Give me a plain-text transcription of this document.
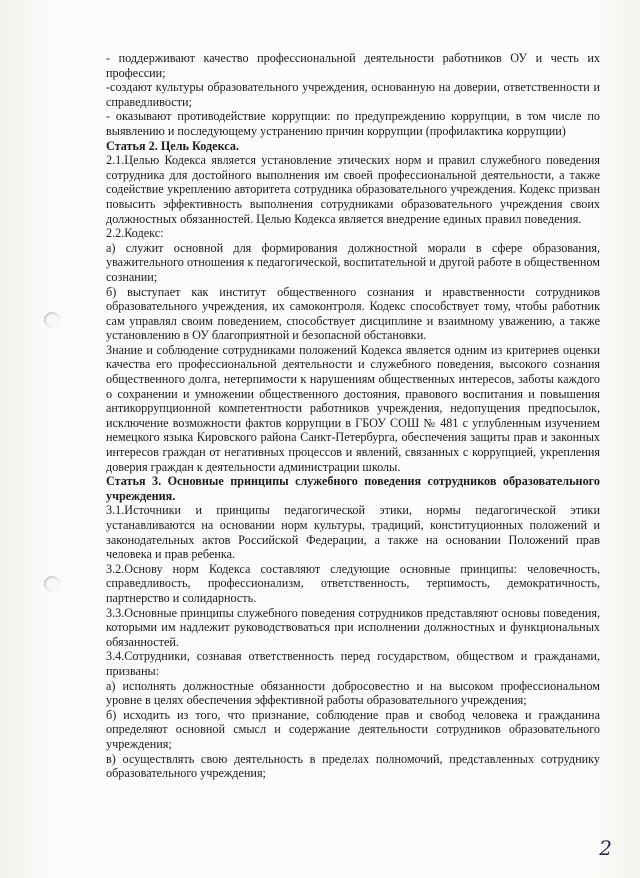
- поддерживают качество профессиональной деятельности работников ОУ и честь их профессии;

-создают культуры образовательного учреждения, основанную на доверии, ответственности и справедливости;

- оказывают противодействие коррупции: по предупреждению коррупции, в том числе по выявлению и последующему устранению причин коррупции (профилактика коррупции)

Статья 2. Цель Кодекса.

2.1.Целью Кодекса является установление этических норм и правил служебного поведения сотрудника для достойного выполнения им своей профессиональной деятельности, а также содействие укреплению авторитета сотрудника образовательного учреждения. Кодекс призван повысить эффективность выполнения сотрудниками образовательного учреждения своих должностных обязанностей. Целью Кодекса является внедрение единых правил поведения.

2.2.Кодекс:

а) служит основной для формирования должностной морали в сфере образования, уважительного отношения к педагогической, воспитательной и другой работе в общественном сознании;

б) выступает как институт общественного сознания и нравственности сотрудников образовательного учреждения, их самоконтроля. Кодекс способствует тому, чтобы работник сам управлял своим поведением, способствует дисциплине и взаимному уважению, а также установлению в ОУ благоприятной и безопасной обстановки.

Знание и соблюдение сотрудниками положений Кодекса является одним из критериев оценки качества его профессиональной деятельности и служебного поведения, высокого сознания общественного долга, нетерпимости к нарушениям общественных интересов, заботы каждого о сохранении и умножении общественного достояния, правового воспитания и повышения антикоррупционной компетентности работников учреждения, недопущения предпосылок, исключение возможности фактов коррупции в ГБОУ СОШ № 481 с углубленным изучением немецкого языка Кировского района Санкт-Петербурга, обеспечения защиты прав и законных интересов граждан от негативных процессов и явлений, связанных с коррупцией, укрепления доверия граждан к деятельности администрации школы.

Статья 3. Основные принципы служебного поведения сотрудников образовательного учреждения.

3.1.Источники и принципы педагогической этики, нормы педагогической этики устанавливаются на основании норм культуры, традиций, конституционных положений и законодательных актов Российской Федерации, а также на основании Положений прав человека и прав ребенка.

3.2.Основу норм Кодекса составляют следующие основные принципы: человечность, справедливость, профессионализм, ответственность, терпимость, демократичность, партнерство и солидарность.

3.3.Основные принципы служебного поведения сотрудников представляют основы поведения, которыми им надлежит руководствоваться при исполнении должностных и функциональных обязанностей.

3.4.Сотрудники, сознавая ответственность перед государством, обществом и гражданами, призваны:

а) исполнять должностные обязанности добросовестно и на высоком профессиональном уровне в целях обеспечения эффективной работы образовательного учреждения;

б) исходить из того, что признание, соблюдение прав и свобод человека и гражданина определяют основной смысл и содержание деятельности сотрудников образовательного учреждения;

в) осуществлять свою деятельность в пределах полномочий, представленных сотруднику образовательного учреждения;

2
